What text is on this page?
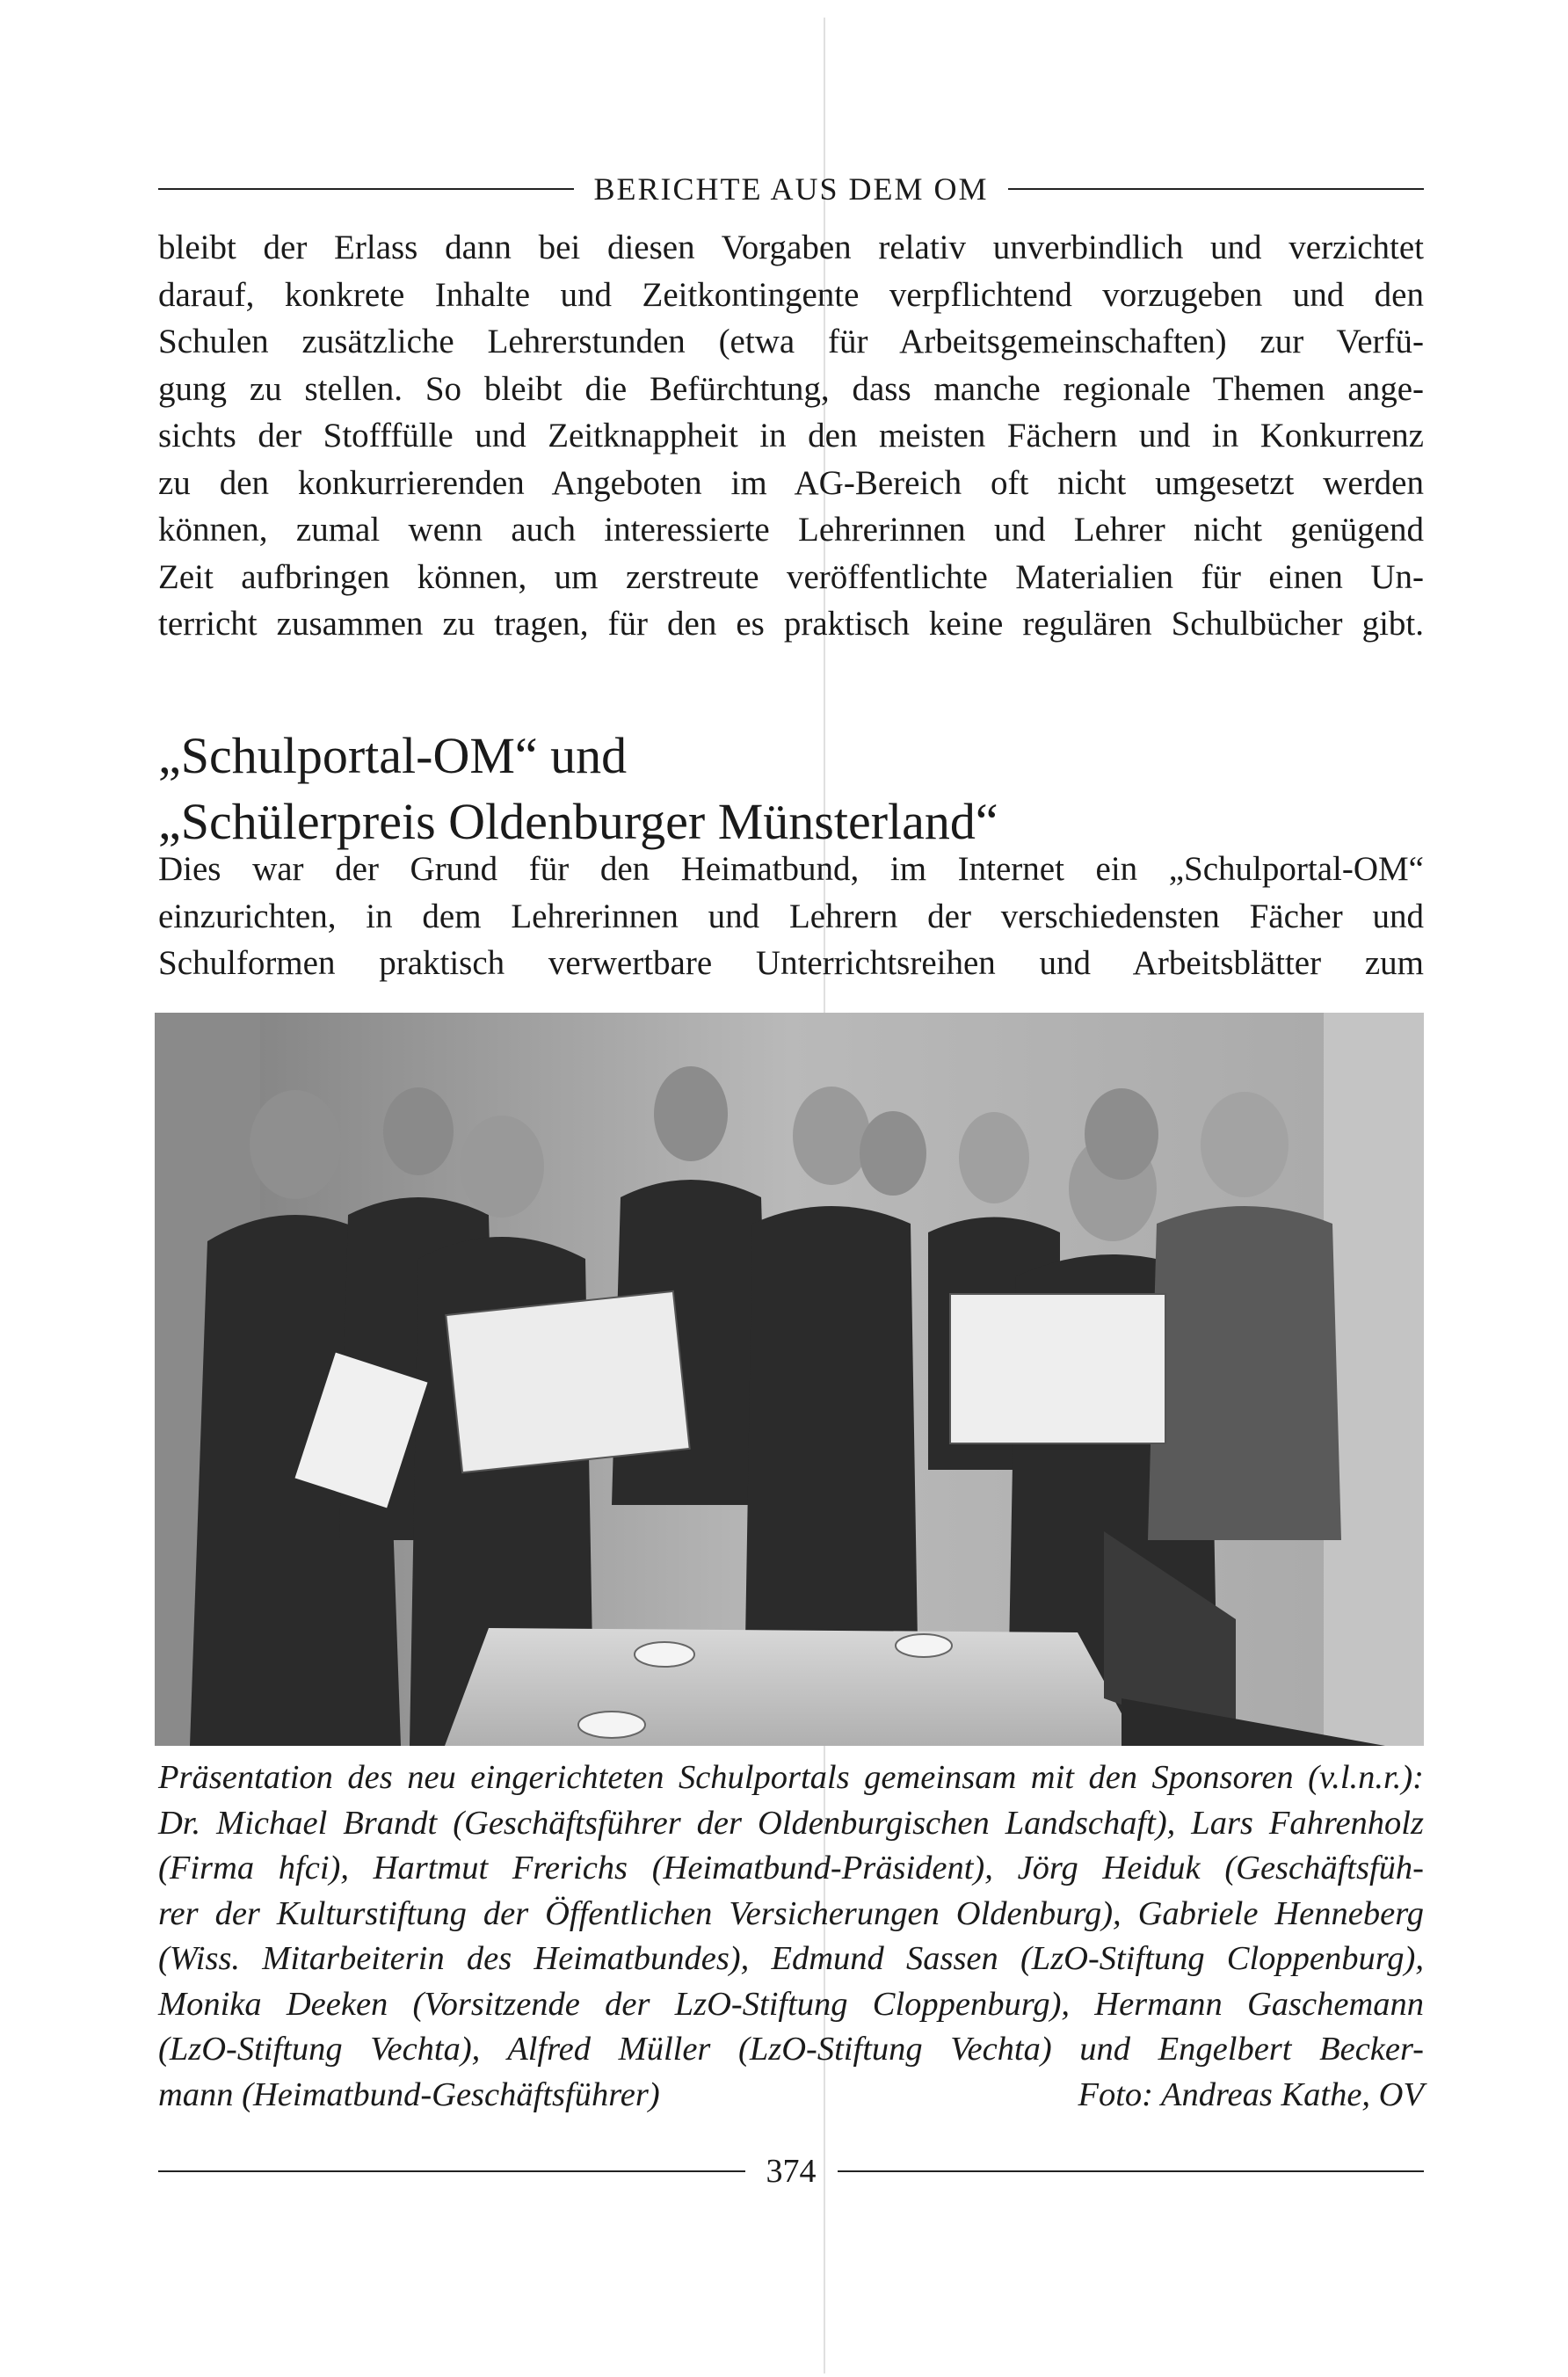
BERICHTE AUS DEM OM
bleibt der Erlass dann bei diesen Vorgaben relativ unverbindlich und verzichtet
darauf, konkrete Inhalte und Zeitkontingente verpflichtend vorzugeben und den
Schulen zusätzliche Lehrerstunden (etwa für Arbeitsgemeinschaften) zur Verfü-
gung zu stellen. So bleibt die Befürchtung, dass manche regionale Themen ange-
sichts der Stofffülle und Zeitknappheit in den meisten Fächern und in Konkurrenz
zu den konkurrierenden Angeboten im AG-Bereich oft nicht umgesetzt werden
können, zumal wenn auch interessierte Lehrerinnen und Lehrer nicht genügend
Zeit aufbringen können, um zerstreute veröffentlichte Materialien für einen Un-
terricht zusammen zu tragen, für den es praktisch keine regulären Schulbücher gibt.
„Schulportal-OM“ und
„Schülerpreis Oldenburger Münsterland“
Dies war der Grund für den Heimatbund, im Internet ein „Schulportal-OM“
einzurichten, in dem Lehrerinnen und Lehrern der verschiedensten Fächer und
Schulformen praktisch verwertbare Unterrichtsreihen und Arbeitsblätter zum
Präsentation des neu eingerichteten Schulportals gemeinsam mit den Sponsoren (v.l.n.r.):
Dr. Michael Brandt (Geschäftsführer der Oldenburgischen Landschaft), Lars Fahrenholz
(Firma hfci), Hartmut Frerichs (Heimatbund-Präsident), Jörg Heiduk (Geschäftsfüh-
rer der Kulturstiftung der Öffentlichen Versicherungen Oldenburg), Gabriele Henneberg
(Wiss. Mitarbeiterin des Heimatbundes), Edmund Sassen (LzO-Stiftung Cloppenburg),
Monika Deeken (Vorsitzende der LzO-Stiftung Cloppenburg), Hermann Gaschemann
(LzO-Stiftung Vechta), Alfred Müller (LzO-Stiftung Vechta) und Engelbert Becker-
mann (Heimatbund-Geschäftsführer)	Foto: Andreas Kathe, OV
374
